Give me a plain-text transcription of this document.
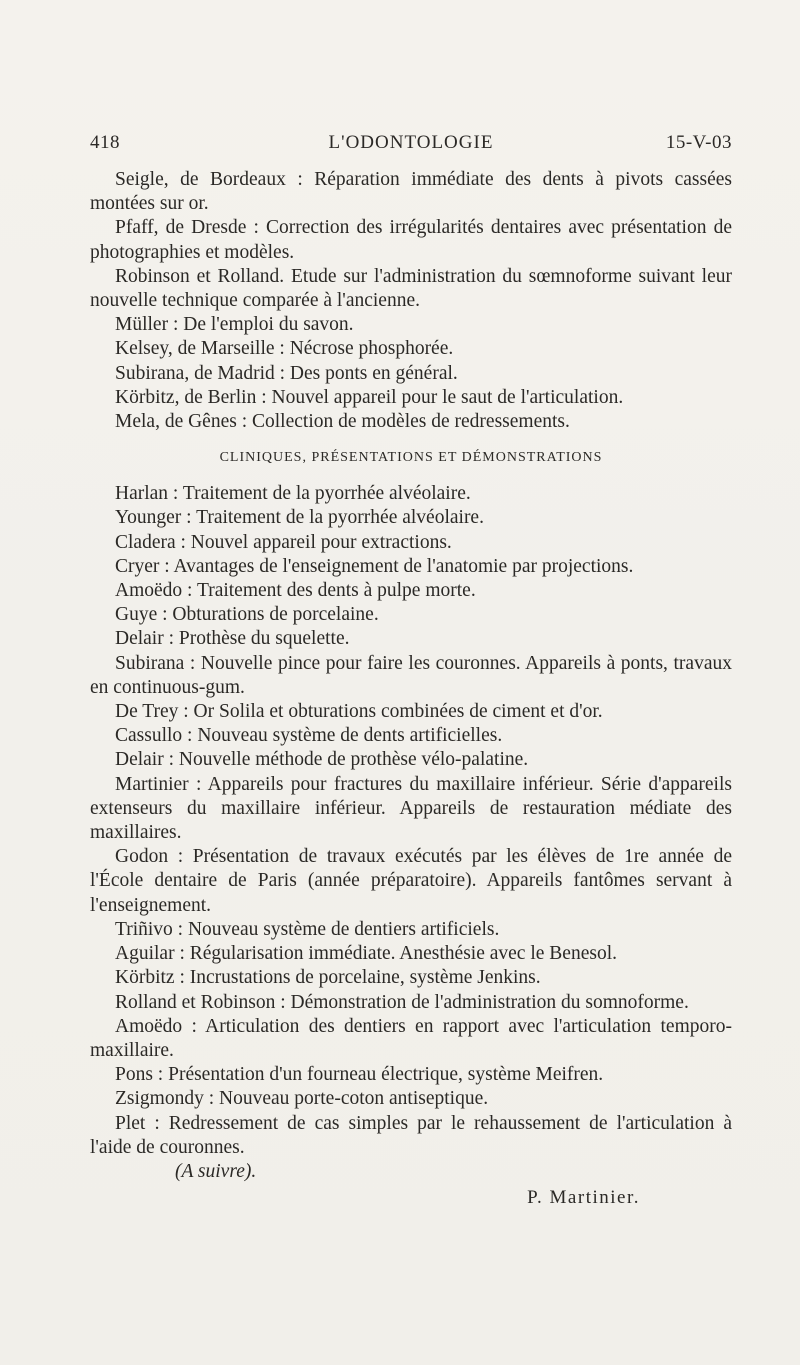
418	L'ODONTOLOGIE	15-V-03

Seigle, de Bordeaux : Réparation immédiate des dents à pivots cassées montées sur or.

Pfaff, de Dresde : Correction des irrégularités dentaires avec présentation de photographies et modèles.

Robinson et Rolland. Etude sur l'administration du sœmnoforme suivant leur nouvelle technique comparée à l'ancienne.

Müller : De l'emploi du savon.

Kelsey, de Marseille : Nécrose phosphorée.

Subirana, de Madrid : Des ponts en général.

Körbitz, de Berlin : Nouvel appareil pour le saut de l'articulation.

Mela, de Gênes : Collection de modèles de redressements.

CLINIQUES, PRÉSENTATIONS ET DÉMONSTRATIONS

Harlan : Traitement de la pyorrhée alvéolaire.

Younger : Traitement de la pyorrhée alvéolaire.

Cladera : Nouvel appareil pour extractions.

Cryer : Avantages de l'enseignement de l'anatomie par projections.

Amoëdo : Traitement des dents à pulpe morte.

Guye : Obturations de porcelaine.

Delair : Prothèse du squelette.

Subirana : Nouvelle pince pour faire les couronnes. Appareils à ponts, travaux en continuous-gum.

De Trey : Or Solila et obturations combinées de ciment et d'or.

Cassullo : Nouveau système de dents artificielles.

Delair : Nouvelle méthode de prothèse vélo-palatine.

Martinier : Appareils pour fractures du maxillaire inférieur. Série d'appareils extenseurs du maxillaire inférieur. Appareils de restauration médiate des maxillaires.

Godon : Présentation de travaux exécutés par les élèves de 1re année de l'École dentaire de Paris (année préparatoire). Appareils fantômes servant à l'enseignement.

Triñivo : Nouveau système de dentiers artificiels.

Aguilar : Régularisation immédiate. Anesthésie avec le Benesol.

Körbitz : Incrustations de porcelaine, système Jenkins.

Rolland et Robinson : Démonstration de l'administration du somnoforme.

Amoëdo : Articulation des dentiers en rapport avec l'articulation temporo-maxillaire.

Pons : Présentation d'un fourneau électrique, système Meifren.

Zsigmondy : Nouveau porte-coton antiseptique.

Plet : Redressement de cas simples par le rehaussement de l'articulation à l'aide de couronnes.

(A suivre).

P. Martinier.
